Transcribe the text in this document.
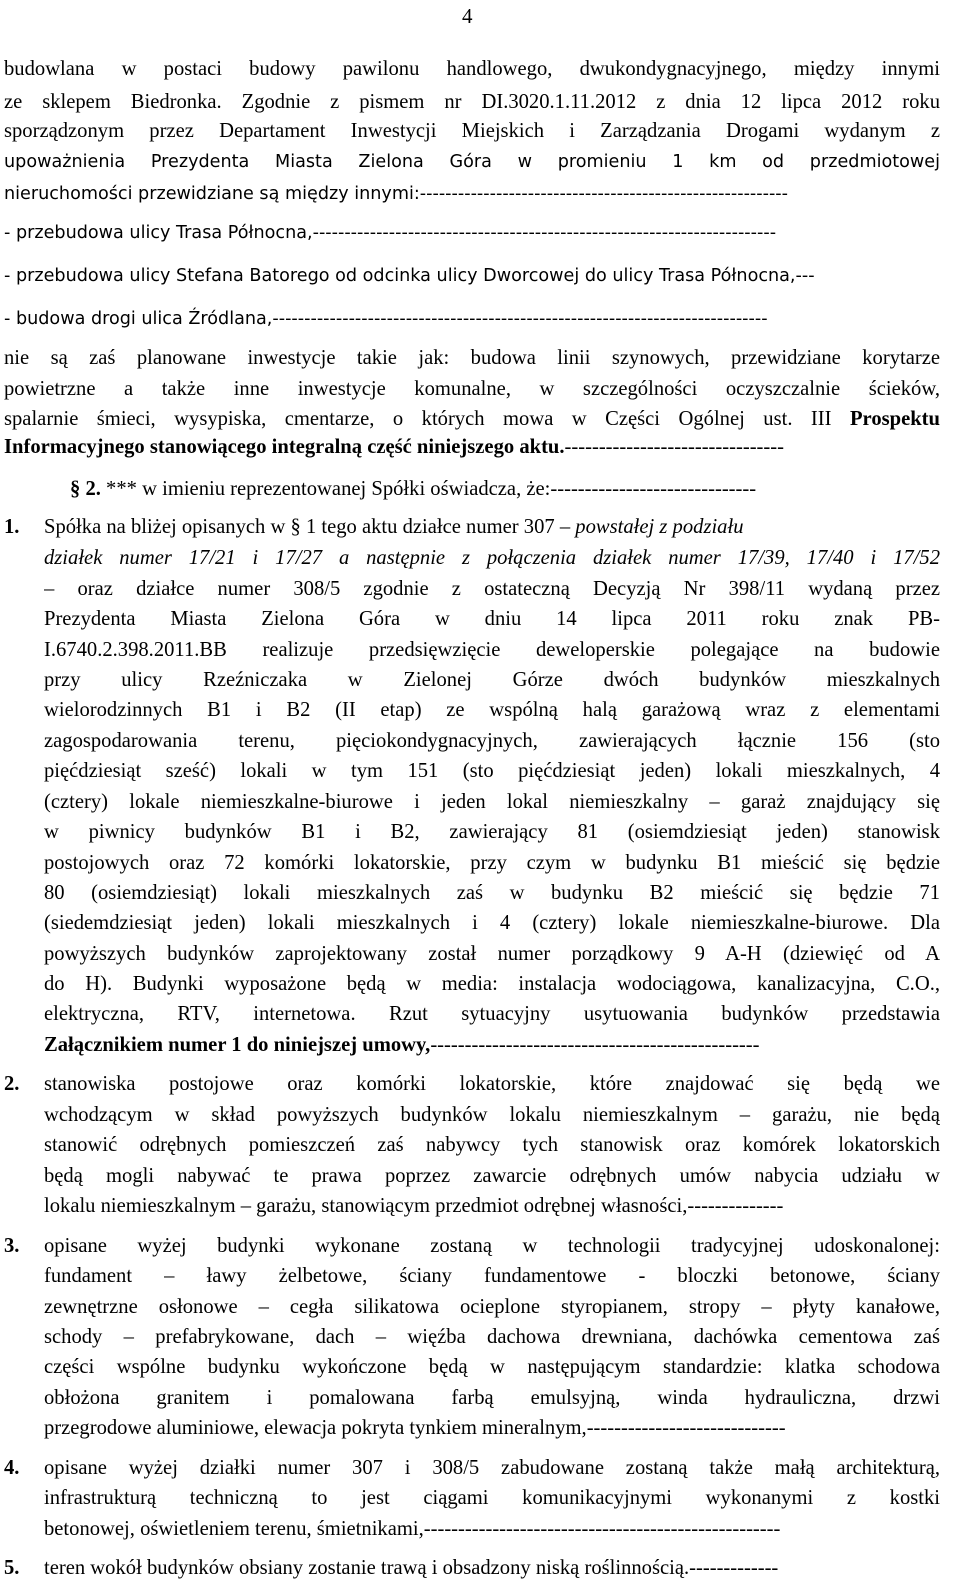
4
budowlana w postaci budowy pawilonu handlowego, dwukondygnacyjnego, między innymi
ze sklepem Biedronka. Zgodnie z pismem nr DI.3020.1.11.2012 z dnia 12 lipca 2012 roku
sporządzonym przez Departament Inwestycji Miejskich i Zarządzania Drogami wydanym z
upoważnienia Prezydenta Miasta Zielona Góra w promieniu 1 km od przedmiotowej
nieruchomości przewidziane są między innymi:----------------------------------------------------------
- przebudowa ulicy Trasa Północna,-------------------------------------------------------------------------
- przebudowa ulicy Stefana Batorego od odcinka ulicy Dworcowej do ulicy Trasa Północna,---
- budowa drogi ulica Źródlana,------------------------------------------------------------------------------
nie są zaś planowane inwestycje takie jak: budowa linii szynowych, przewidziane korytarze
powietrzne a także inne inwestycje komunalne, w szczególności oczyszczalnie ścieków,
spalarnie śmieci, wysypiska, cmentarze, o których mowa w Części Ogólnej ust. III Prospektu
Informacyjnego stanowiącego integralną część niniejszego aktu.--------------------------------
§ 2. *** w imieniu reprezentowanej Spółki oświadcza, że:------------------------------
1. Spółka na bliżej opisanych w § 1 tego aktu działce numer 307 – powstałej z podziału
działek numer 17/21 i 17/27 a następnie z połączenia działek numer 17/39, 17/40 i 17/52
– oraz działce numer 308/5 zgodnie z ostateczną Decyzją Nr 398/11 wydaną przez
Prezydenta Miasta Zielona Góra w dniu 14 lipca 2011 roku znak PB-
I.6740.2.398.2011.BB realizuje przedsięwzięcie deweloperskie polegające na budowie
przy ulicy Rzeźniczaka w Zielonej Górze dwóch budynków mieszkalnych
wielorodzinnych B1 i B2 (II etap) ze wspólną halą garażową wraz z elementami
zagospodarowania terenu, pięciokondygnacyjnych, zawierających łącznie 156 (sto
pięćdziesiąt sześć) lokali w tym 151 (sto pięćdziesiąt jeden) lokali mieszkalnych, 4
(cztery) lokale niemieszkalne-biurowe i jeden lokal niemieszkalny – garaż znajdujący się
w piwnicy budynków B1 i B2, zawierający 81 (osiemdziesiąt jeden) stanowisk
postojowych oraz 72 komórki lokatorskie, przy czym w budynku B1 mieścić się będzie
80 (osiemdziesiąt) lokali mieszkalnych zaś w budynku B2 mieścić się będzie 71
(siedemdziesiąt jeden) lokali mieszkalnych i 4 (cztery) lokale niemieszkalne-biurowe. Dla
powyższych budynków zaprojektowany został numer porządkowy 9 A-H (dziewięć od A
do H). Budynki wyposażone będą w media: instalacja wodociągowa, kanalizacyjna, C.O.,
elektryczna, RTV, internetowa. Rzut sytuacyjny usytuowania budynków przedstawia
Załącznikiem numer 1 do niniejszej umowy,------------------------------------------------
2. stanowiska postojowe oraz komórki lokatorskie, które znajdować się będą we
wchodzącym w skład powyższych budynków lokalu niemieszkalnym – garażu, nie będą
stanowić odrębnych pomieszczeń zaś nabywcy tych stanowisk oraz komórek lokatorskich
będą mogli nabywać te prawa poprzez zawarcie odrębnych umów nabycia udziału w
lokalu niemieszkalnym – garażu, stanowiącym przedmiot odrębnej własności,--------------
3. opisane wyżej budynki wykonane zostaną w technologii tradycyjnej udoskonalonej:
fundament – ławy żelbetowe, ściany fundamentowe - bloczki betonowe, ściany
zewnętrzne osłonowe – cegła silikatowa ocieplone styropianem, stropy – płyty kanałowe,
schody – prefabrykowane, dach – więźba dachowa drewniana, dachówka cementowa zaś
części wspólne budynku wykończone będą w następującym standardzie: klatka schodowa
obłożona granitem i pomalowana farbą emulsyjną, winda hydrauliczna, drzwi
przegrodowe aluminiowe, elewacja pokryta tynkiem mineralnym,-----------------------------
4. opisane wyżej działki numer 307 i 308/5 zabudowane zostaną także małą architekturą,
infrastrukturą techniczną to jest ciągami komunikacyjnymi wykonanymi z kostki
betonowej, oświetleniem terenu, śmietnikami,----------------------------------------------------
5. teren wokół budynków obsiany zostanie trawą i obsadzony niską roślinnością.-------------
